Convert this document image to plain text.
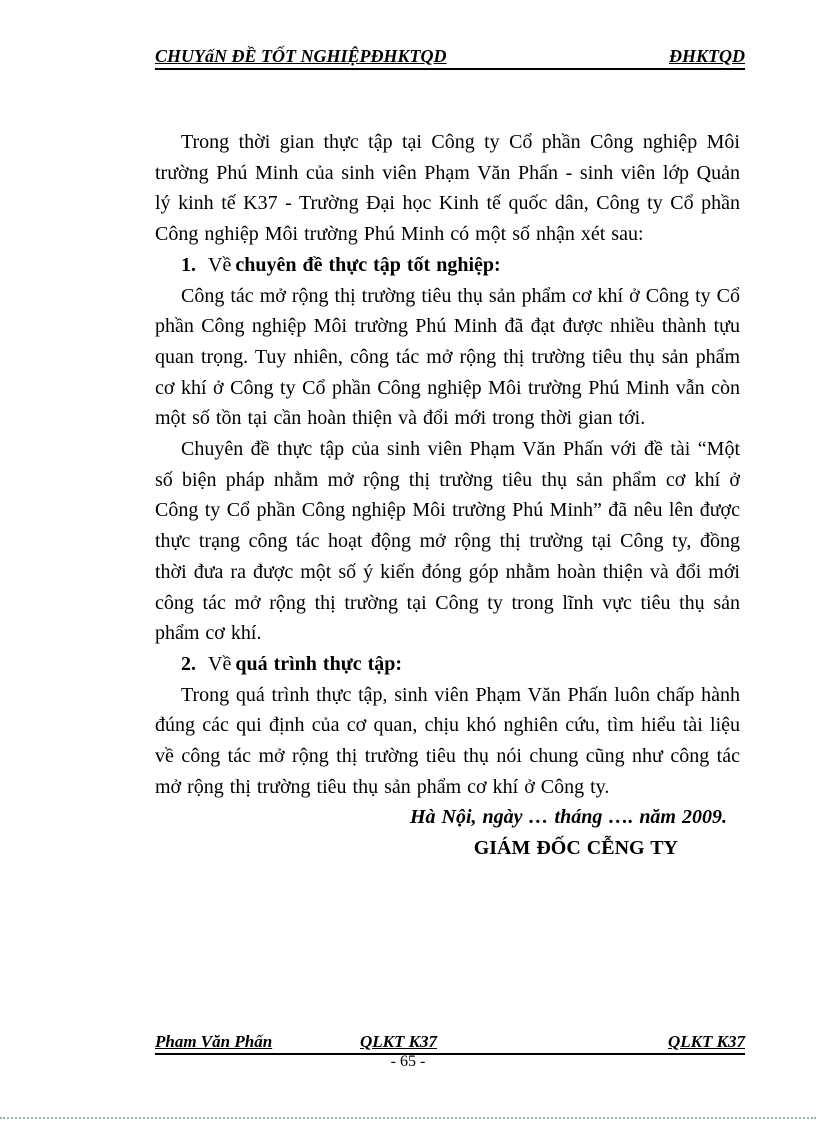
CHUYấN ĐỀ TỐT NGHIỆPĐHKTQD	ĐHKTQD

Trong thời gian thực tập tại Công ty Cổ phần Công nghiệp Môi trường Phú Minh của sinh viên Phạm Văn Phấn - sinh viên lớp Quản lý kinh tế K37 - Trường Đại học Kinh tế quốc dân, Công ty Cổ phần Công nghiệp Môi trường Phú Minh có một số nhận xét sau:

1. Về chuyên đề thực tập tốt nghiệp:

Công tác mở rộng thị trường tiêu thụ sản phẩm cơ khí ở Công ty Cổ phần Công nghiệp Môi trường Phú Minh đã đạt được nhiều thành tựu quan trọng. Tuy nhiên, công tác mở rộng thị trường tiêu thụ sản phẩm cơ khí ở Công ty Cổ phần Công nghiệp Môi trường Phú Minh vẫn còn một số tồn tại cần hoàn thiện và đổi mới trong thời gian tới.

Chuyên đề thực tập của sinh viên Phạm Văn Phấn với đề tài “Một số biện pháp nhằm mở rộng thị trường tiêu thụ sản phẩm cơ khí ở Công ty Cổ phần Công nghiệp Môi trường Phú Minh” đã nêu lên được thực trạng công tác hoạt động mở rộng thị trường tại Công ty, đồng thời đưa ra được một số ý kiến đóng góp nhằm hoàn thiện và đổi mới công tác mở rộng thị trường tại Công ty trong lĩnh vực tiêu thụ sản phẩm cơ khí.

2. Về quá trình thực tập:

Trong quá trình thực tập, sinh viên Phạm Văn Phấn luôn chấp hành đúng các qui định của cơ quan, chịu khó nghiên cứu, tìm hiểu tài liệu về công tác mở rộng thị trường tiêu thụ nói chung cũng như công tác mở rộng thị trường tiêu thụ sản phẩm cơ khí ở Công ty.

Hà Nội, ngày … tháng …. năm 2009.
GIÁM ĐỐC CỄNG TY
Pham Văn Phấn	QLKT K37	QLKT K37
- 65 -
